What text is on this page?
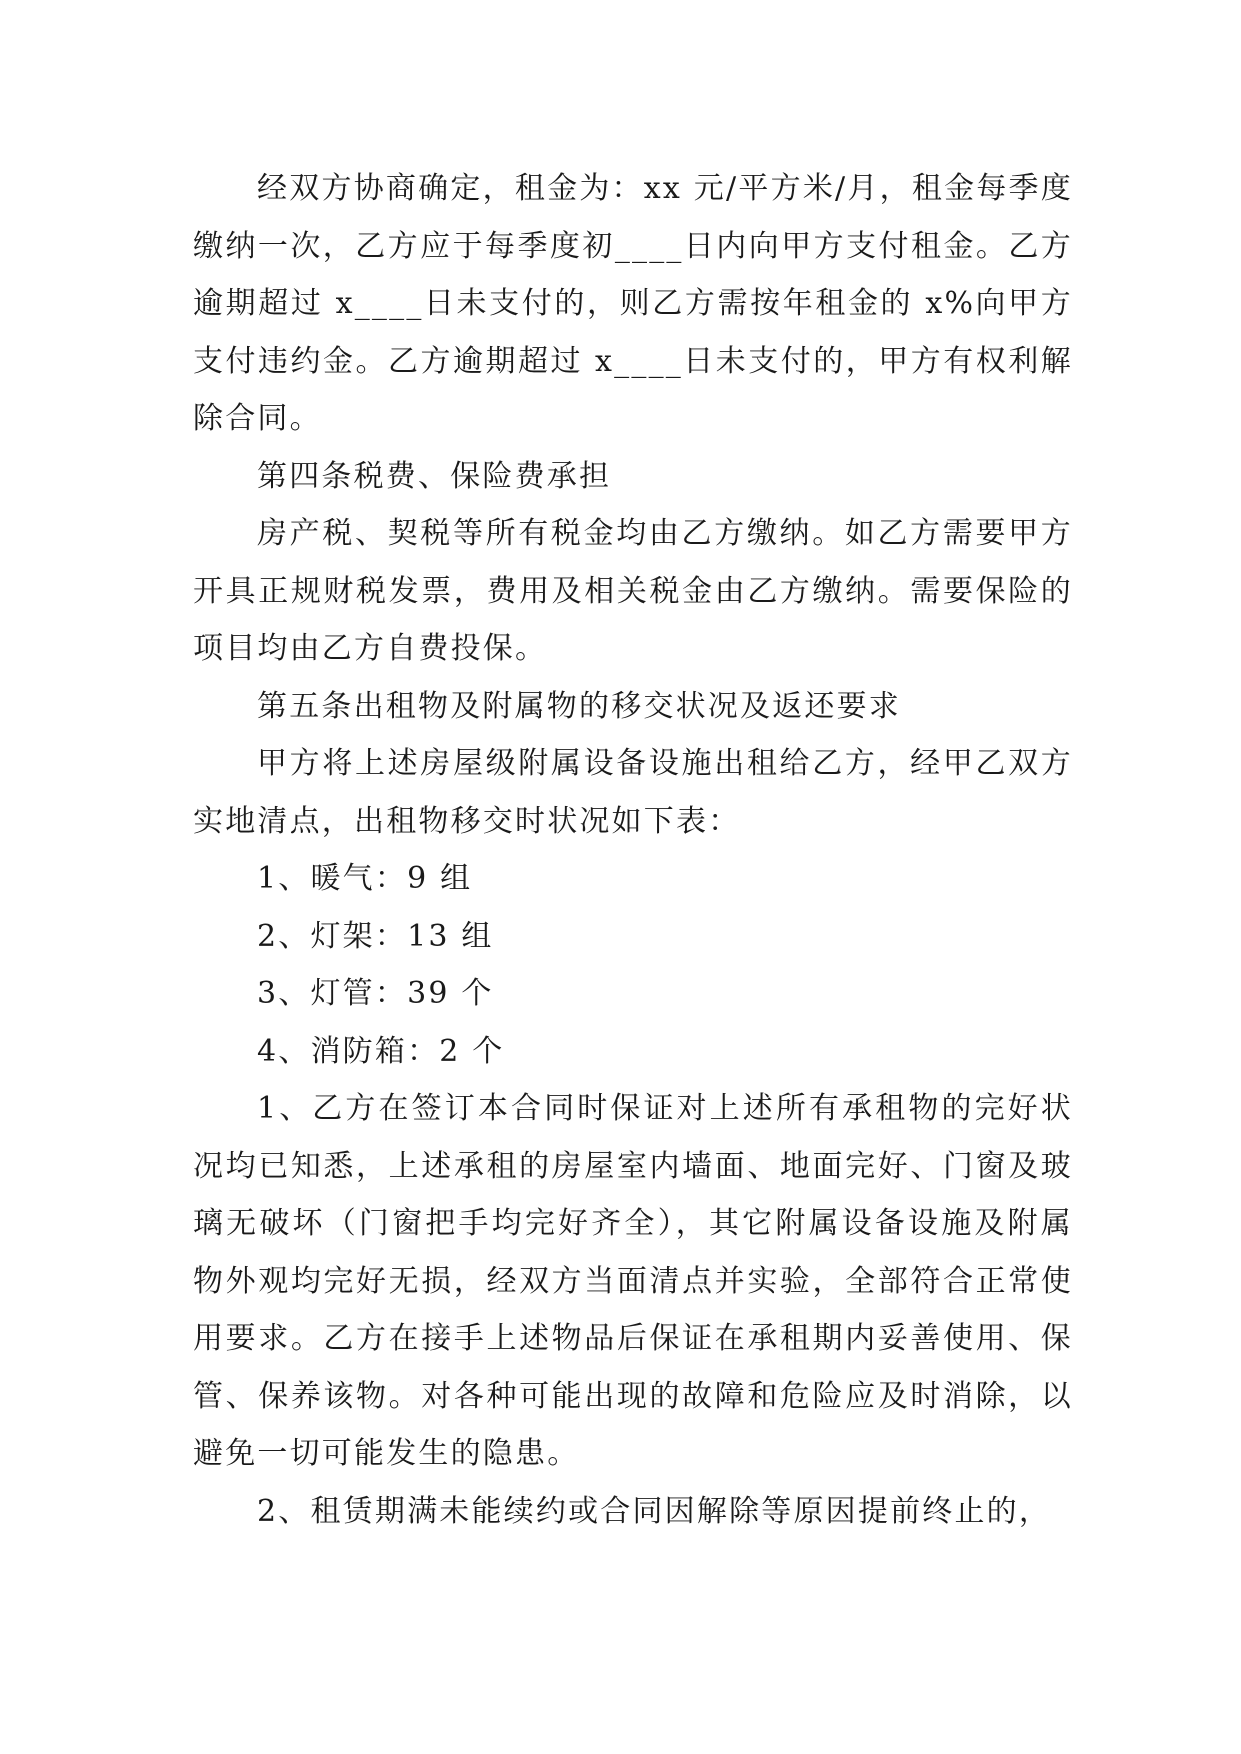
经双方协商确定，租金为：xx 元/平方米/月，租金每季度缴纳一次，乙方应于每季度初____日内向甲方支付租金。乙方逾期超过 x____日未支付的，则乙方需按年租金的 x%向甲方支付违约金。乙方逾期超过 x____日未支付的，甲方有权利解除合同。

第四条税费、保险费承担

房产税、契税等所有税金均由乙方缴纳。如乙方需要甲方开具正规财税发票，费用及相关税金由乙方缴纳。需要保险的项目均由乙方自费投保。

第五条出租物及附属物的移交状况及返还要求

甲方将上述房屋级附属设备设施出租给乙方，经甲乙双方实地清点，出租物移交时状况如下表：

1、暖气：9 组

2、灯架：13 组

3、灯管：39 个

4、消防箱：2 个

1、乙方在签订本合同时保证对上述所有承租物的完好状况均已知悉，上述承租的房屋室内墙面、地面完好、门窗及玻璃无破坏（门窗把手均完好齐全），其它附属设备设施及附属物外观均完好无损，经双方当面清点并实验，全部符合正常使用要求。乙方在接手上述物品后保证在承租期内妥善使用、保管、保养该物。对各种可能出现的故障和危险应及时消除，以避免一切可能发生的隐患。

2、租赁期满未能续约或合同因解除等原因提前终止的，
